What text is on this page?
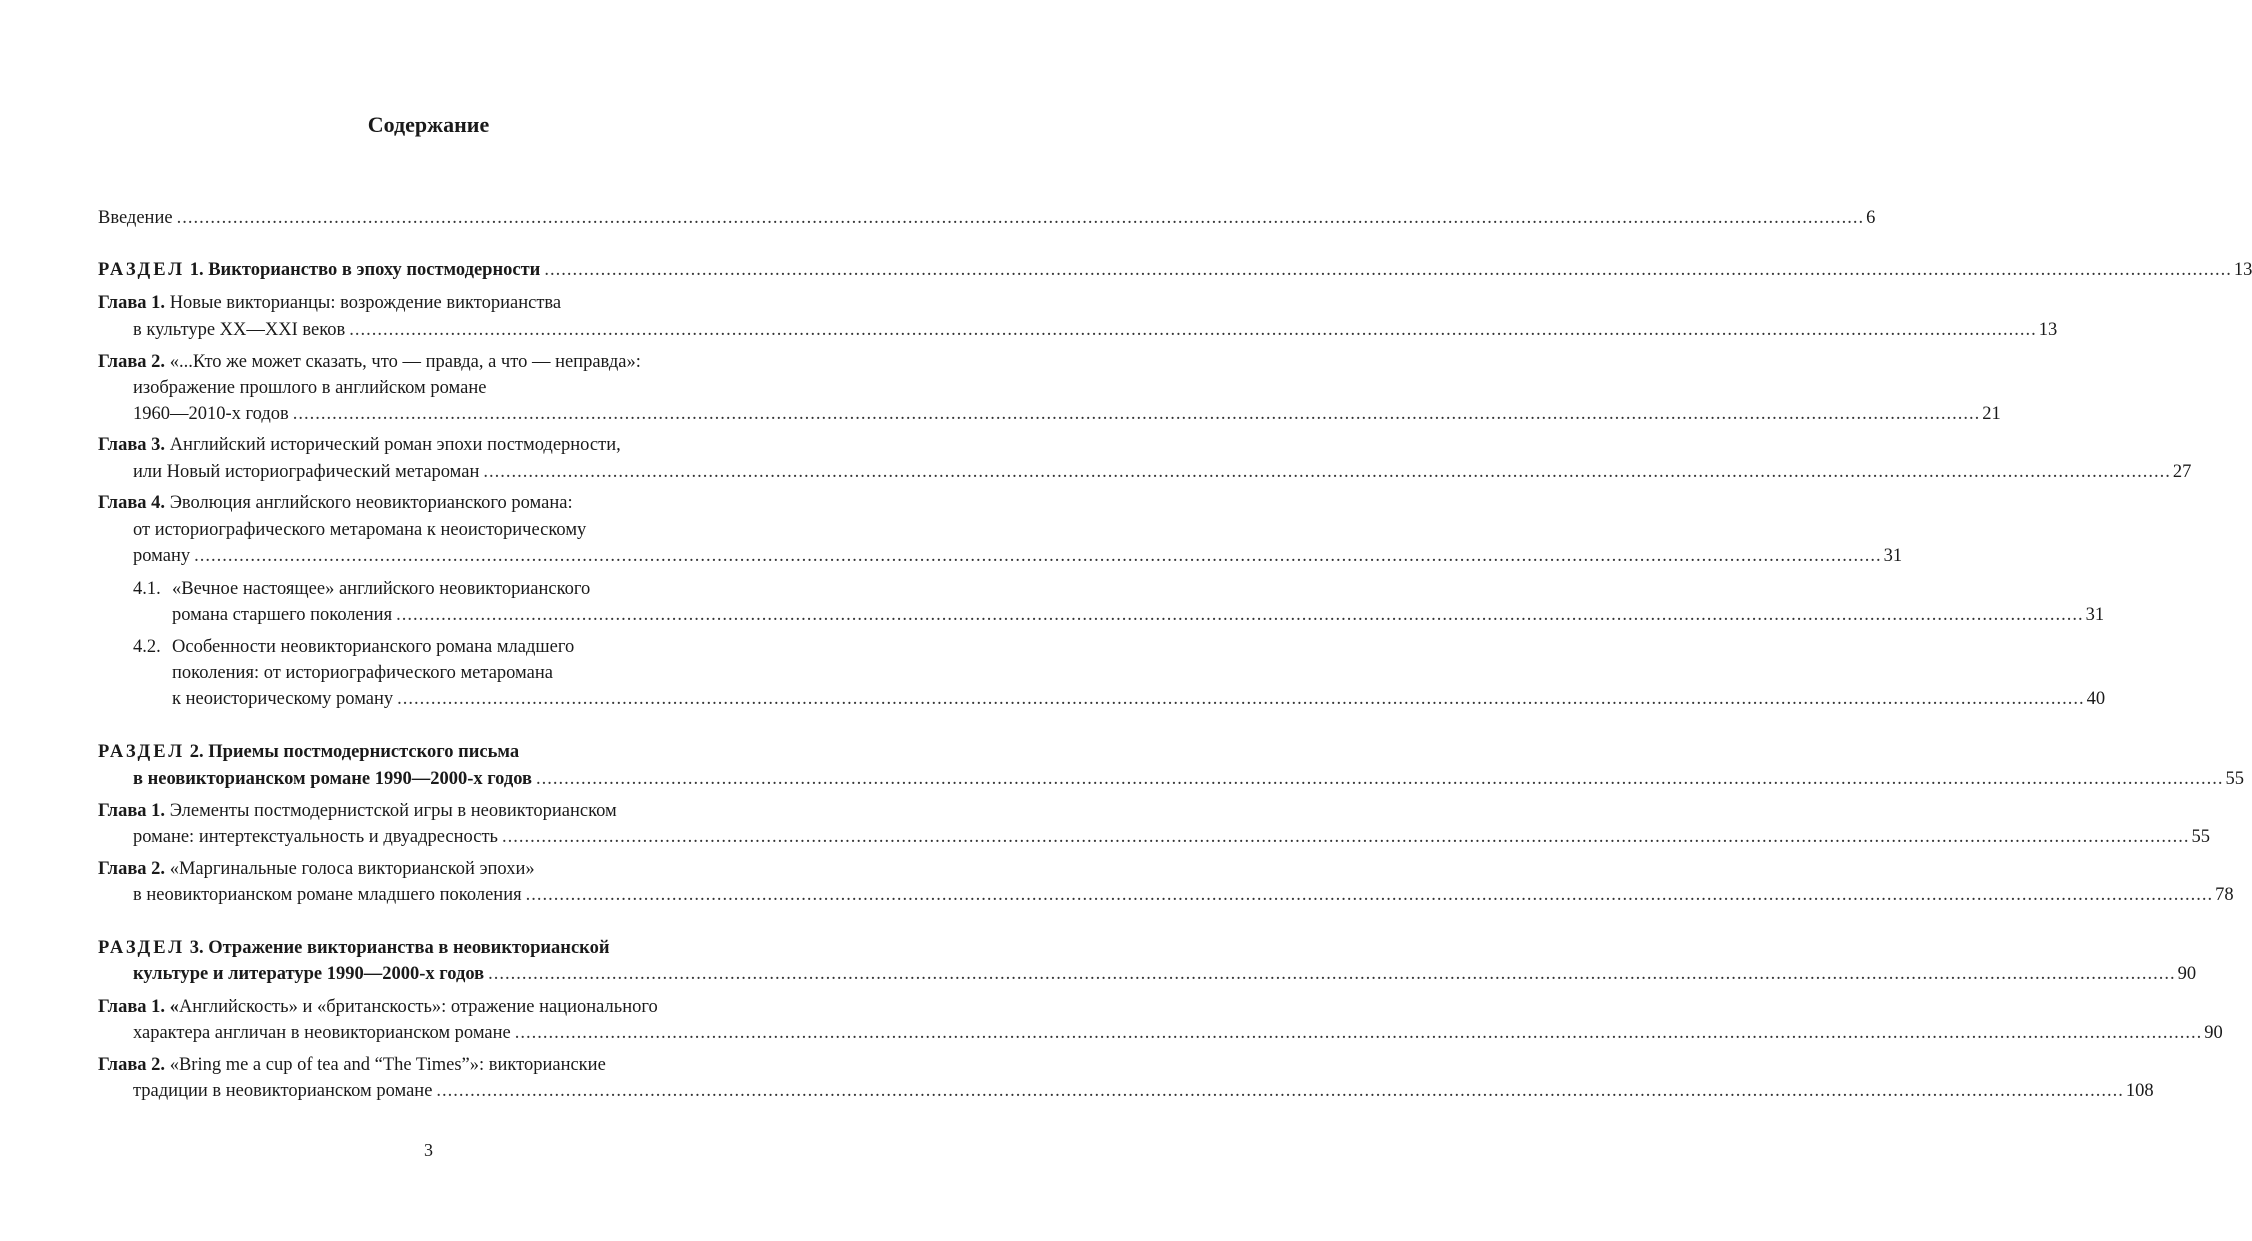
Содержание
Введение ............................................................................................................................................................................................................................................................................................................ 6
РАЗДЕЛ 1. Викторианство в эпоху постмодерности ............................................................................................................................................................................................................................................................................................................ 13
Глава 1. Новые викторианцы: возрождение викторианства
в культуре XX—XXI веков ............................................................................................................................................................................................................................................................................................................ 13
Глава 2. «...Кто же может сказать, что — правда, а что — неправда»:
изображение прошлого в английском романе
1960—2010-х годов ............................................................................................................................................................................................................................................................................................................ 21
Глава 3. Английский исторический роман эпохи постмодерности,
или Новый историографический метароман ............................................................................................................................................................................................................................................................................................................ 27
Глава 4. Эволюция английского неовикторианского романа:
от историографического метаромана к неоисторическому
роману ............................................................................................................................................................................................................................................................................................................ 31
4.1. «Вечное настоящее» английского неовикторианского
романа старшего поколения ............................................................................................................................................................................................................................................................................................................ 31
4.2. Особенности неовикторианского романа младшего
поколения: от историографического метаромана
к неоисторическому роману ............................................................................................................................................................................................................................................................................................................ 40
РАЗДЕЛ 2. Приемы постмодернистского письма
в неовикторианском романе 1990—2000-х годов ............................................................................................................................................................................................................................................................................................................ 55
Глава 1. Элементы постмодернистской игры в неовикторианском
романе: интертекстуальность и двуадресность ............................................................................................................................................................................................................................................................................................................ 55
Глава 2. «Маргинальные голоса викторианской эпохи»
в неовикторианском романе младшего поколения ............................................................................................................................................................................................................................................................................................................ 78
РАЗДЕЛ 3. Отражение викторианства в неовикторианской
культуре и литературе 1990—2000-х годов ............................................................................................................................................................................................................................................................................................................ 90
Глава 1. «Английскость» и «британскость»: отражение национального
характера англичан в неовикторианском романе ............................................................................................................................................................................................................................................................................................................ 90
Глава 2. «Bring me a cup of tea and “The Times”»: викторианские
традиции в неовикторианском романе ............................................................................................................................................................................................................................................................................................................ 108
3
